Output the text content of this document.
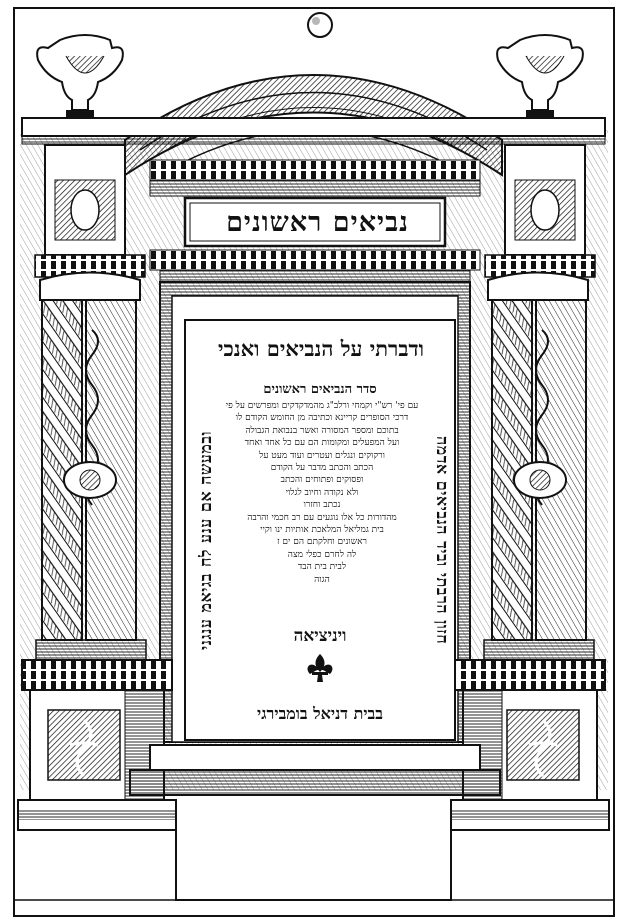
נביאים ראשונים
ובמעשה אם ענע לח בגיאמ ענגני	חזון הרבתי וביד הנביאים אדמה
ודברתי על הנביאים ואנכי
סדר הנביאים ראשונים
עם פי' רש"י וקמחי ורלב"ג מהמדקדקים ומפרשים על פי
דרכי הסופרים קריינא וכתיבה מן החומש הקודם לו
בתוכם ומספר המסורה ואשר בנבואת הגבולה
ועל המפעלים ומקומות הם עם כל אחד ואחד
ורקוקים ונגלים ועטרים ועוד מעט על
הכתב והכתב מדבר על הקודם
ופסוקים ופתוחים והכתב
ולא נקודה וחיוב לגלוי
נכתב וחזרו
מהדורות כל אלו נוגעים עם רב חכמי והרבה
בית גמליאל המלאכת אותיות ינו וקיי
ראשונים וחלקתם הם ים ז
לה לחרם כפלי מצה
לבית בית הבד
הגוה
ויניציאה
בבית דניאל בומבירגי
